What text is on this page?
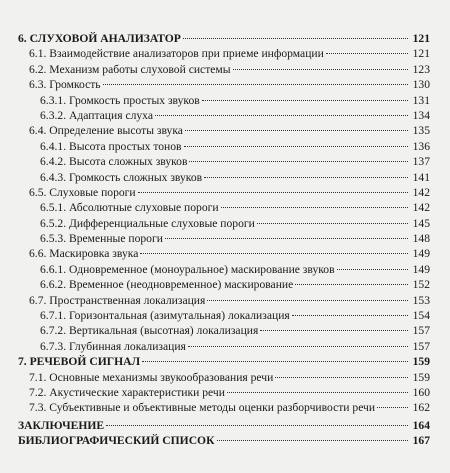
6. СЛУХОВОЙ АНАЛИЗАТОР	121
6.1. Взаимодействие анализаторов при приеме информации	121
6.2. Механизм работы слуховой системы	123
6.3. Громкость	130
6.3.1. Громкость простых звуков	131
6.3.2. Адаптация слуха	134
6.4. Определение высоты звука	135
6.4.1. Высота простых тонов	136
6.4.2. Высота сложных звуков	137
6.4.3. Громкость сложных звуков	141
6.5. Слуховые пороги	142
6.5.1. Абсолютные слуховые пороги	142
6.5.2. Дифференциальные слуховые пороги	145
6.5.3. Временные пороги	148
6.6. Маскировка звука	149
6.6.1. Одновременное (моноуральное) маскирование звуков	149
6.6.2. Временное (неодновременное) маскирование	152
6.7. Пространственная локализация	153
6.7.1. Горизонтальная (азимутальная) локализация	154
6.7.2. Вертикальная (высотная) локализация	157
6.7.3. Глубинная локализация	157
7. РЕЧЕВОЙ СИГНАЛ	159
7.1. Основные механизмы звукообразования речи	159
7.2. Акустические характеристики речи	160
7.3. Субъективные и объективные методы оценки разборчивости речи	162
ЗАКЛЮЧЕНИЕ	164
БИБЛИОГРАФИЧЕСКИЙ СПИСОК	167
